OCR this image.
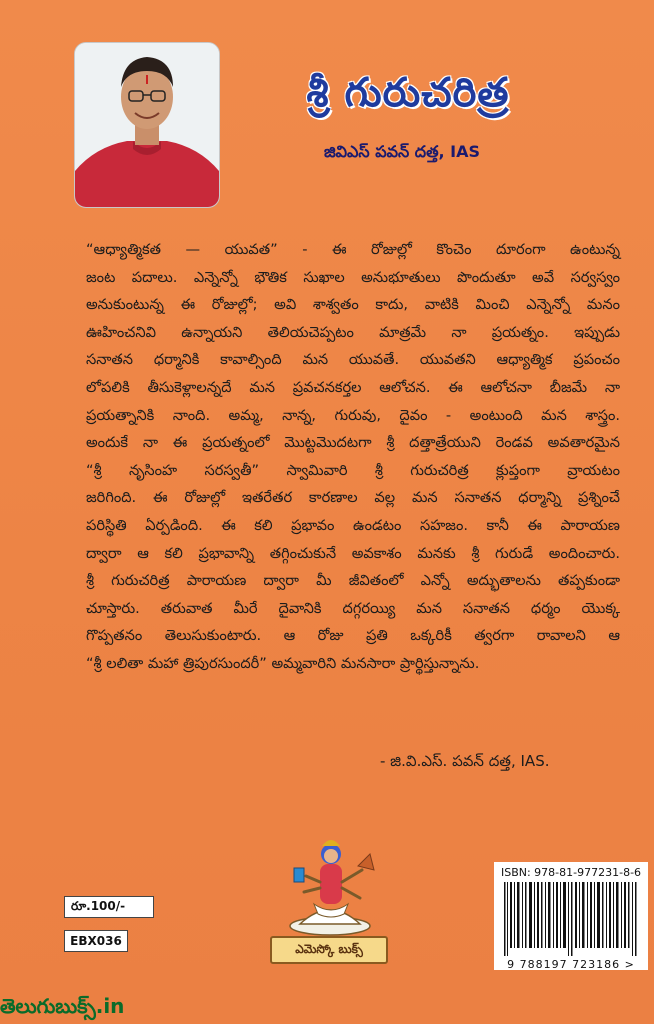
శ్రీ గురుచరిత్ర
జివిఎస్ పవన్ దత్త, IAS
“ఆధ్యాత్మికత — యువత” - ఈ రోజుల్లో కొంచెం దూరంగా ఉంటున్న
జంట పదాలు. ఎన్నెన్నో భౌతిక సుఖాల అనుభూతులు పొందుతూ అవే సర్వస్వం
అనుకుంటున్న ఈ రోజుల్లో; అవి శాశ్వతం కాదు, వాటికి మించి ఎన్నెన్నో మనం
ఊహించనివి ఉన్నాయని తెలియచెప్పటం మాత్రమే నా ప్రయత్నం. ఇప్పుడు
సనాతన ధర్మానికి కావాల్సింది మన యువతే. యువతని ఆధ్యాత్మిక ప్రపంచం
లోపలికి తీసుకెళ్లాలన్నదే మన ప్రవచనకర్తల ఆలోచన. ఈ ఆలోచనా బీజమే నా
ప్రయత్నానికి నాంది. అమ్మ, నాన్న, గురువు, దైవం - అంటుంది మన శాస్త్రం.
అందుకే నా ఈ ప్రయత్నంలో మొట్టమొదటగా శ్రీ దత్తాత్రేయుని రెండవ అవతారమైన
“శ్రీ నృసింహ సరస్వతీ” స్వామివారి శ్రీ గురుచరిత్ర క్లుప్తంగా వ్రాయటం
జరిగింది. ఈ రోజుల్లో ఇతరేతర కారణాల వల్ల మన సనాతన ధర్మాన్ని ప్రశ్నించే
పరిస్థితి ఏర్పడింది. ఈ కలి ప్రభావం ఉండటం సహజం. కానీ ఈ పారాయణ
ద్వారా ఆ కలి ప్రభావాన్ని తగ్గించుకునే అవకాశం మనకు శ్రీ గురుడే అందించారు.
శ్రీ గురుచరిత్ర పారాయణ ద్వారా మీ జీవితంలో ఎన్నో అద్భుతాలను తప్పకుండా
చూస్తారు. తరువాత మీరే దైవానికి దగ్గరయ్యి మన సనాతన ధర్మం యొక్క
గొప్పతనం తెలుసుకుంటారు. ఆ రోజు ప్రతి ఒక్కరికీ త్వరగా రావాలని ఆ
“శ్రీ లలితా మహా త్రిపురసుందరీ” అమ్మవారిని మనసారా ప్రార్థిస్తున్నాను.
- జి.వి.ఎస్. పవన్ దత్త, IAS.
ఎమెస్కో బుక్స్
రూ.100/-
EBX036
ISBN: 978-81-977231-8-6
9 788197 723186 >
తెలుగుబుక్స్.in
